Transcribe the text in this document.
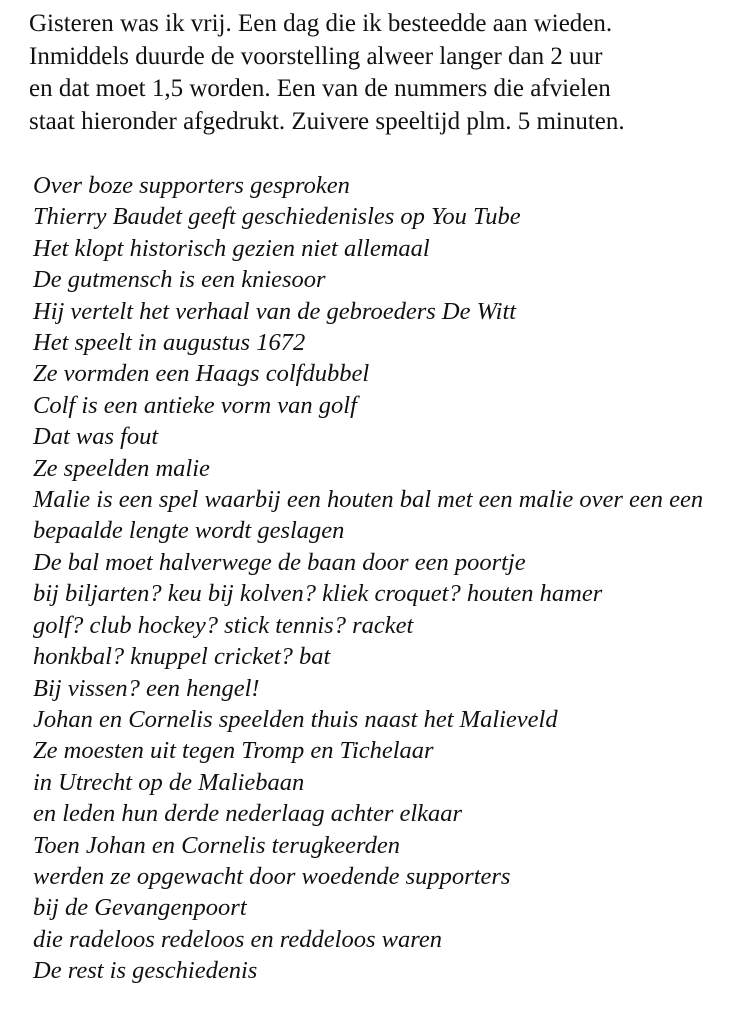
Gisteren was ik vrij. Een dag die ik besteedde aan wieden.
Inmiddels duurde de voorstelling alweer langer dan 2 uur
en dat moet 1,5 worden. Een van de nummers die afvielen
staat hieronder afgedrukt. Zuivere speeltijd plm. 5 minuten.

Over boze supporters gesproken
Thierry Baudet geeft geschiedenisles op You Tube
Het klopt historisch gezien niet allemaal
De gutmensch is een kniesoor
Hij vertelt het verhaal van de gebroeders De Witt
Het speelt in augustus 1672
Ze vormden een Haags colfdubbel
Colf is een antieke vorm van golf
Dat was fout
Ze speelden malie
Malie is een spel waarbij een houten bal met een malie over een een
bepaalde lengte wordt geslagen
De bal moet halverwege de baan door een poortje
bij biljarten? keu bij kolven? kliek croquet? houten hamer
golf? club hockey? stick tennis? racket
honkbal? knuppel cricket? bat
Bij vissen? een hengel!
Johan en Cornelis speelden thuis naast het Malieveld
Ze moesten uit tegen Tromp en Tichelaar
in Utrecht op de Maliebaan
en leden hun derde nederlaag achter elkaar
Toen Johan en Cornelis terugkeerden
werden ze opgewacht door woedende supporters
bij de Gevangenpoort
die radeloos redeloos en reddeloos waren
De rest is geschiedenis
